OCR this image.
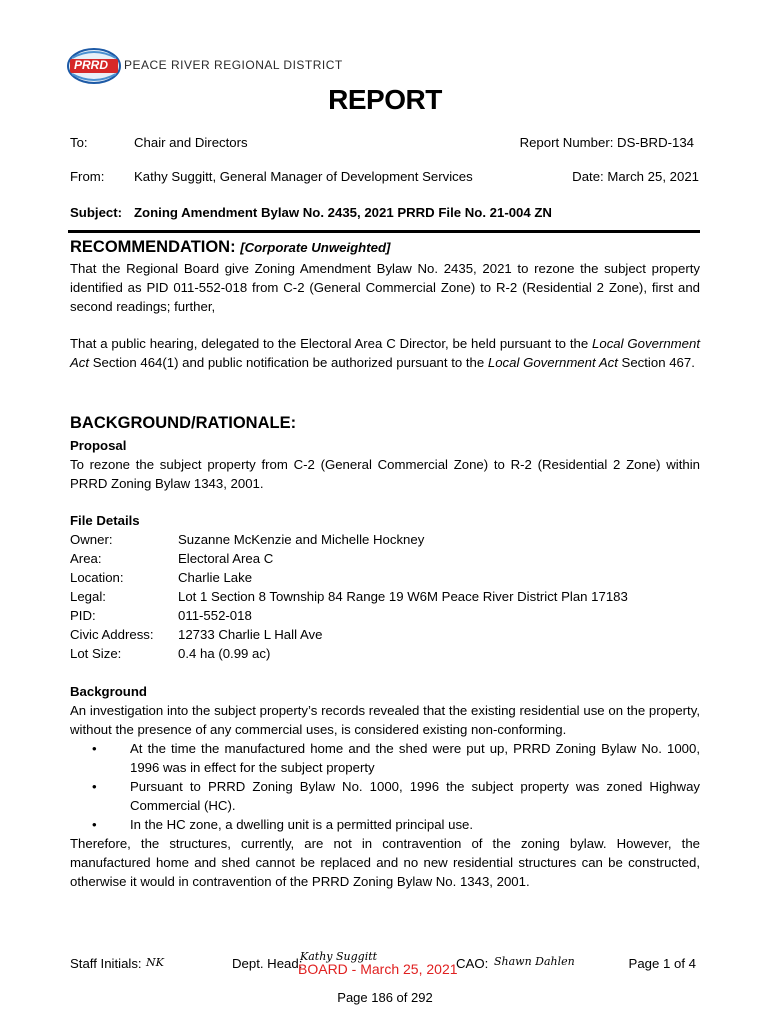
PRRD PEACE RIVER REGIONAL DISTRICT
REPORT
To:	Chair and Directors	Report Number: DS-BRD-134
From: Kathy Suggitt, General Manager of Development Services	Date: March 25, 2021
Subject: Zoning Amendment Bylaw No. 2435, 2021 PRRD File No. 21-004 ZN
RECOMMENDATION: [Corporate Unweighted]
That the Regional Board give Zoning Amendment Bylaw No. 2435, 2021 to rezone the subject property identified as PID 011-552-018 from C-2 (General Commercial Zone) to R-2 (Residential 2 Zone), first and second readings; further,
That a public hearing, delegated to the Electoral Area C Director, be held pursuant to the Local Government Act Section 464(1) and public notification be authorized pursuant to the Local Government Act Section 467.
BACKGROUND/RATIONALE:
Proposal
To rezone the subject property from C-2 (General Commercial Zone) to R-2 (Residential 2 Zone) within PRRD Zoning Bylaw 1343, 2001.
File Details
Owner:	Suzanne McKenzie and Michelle Hockney
Area:	Electoral Area C
Location:	Charlie Lake
Legal:	Lot 1 Section 8 Township 84 Range 19 W6M Peace River District Plan 17183
PID:	011-552-018
Civic Address:	12733 Charlie L Hall Ave
Lot Size:	0.4 ha (0.99 ac)
Background
An investigation into the subject property’s records revealed that the existing residential use on the property, without the presence of any commercial uses, is considered existing non-conforming.
• At the time the manufactured home and the shed were put up, PRRD Zoning Bylaw No. 1000, 1996 was in effect for the subject property
• Pursuant to PRRD Zoning Bylaw No. 1000, 1996 the subject property was zoned Highway Commercial (HC).
• In the HC zone, a dwelling unit is a permitted principal use.
Therefore, the structures, currently, are not in contravention of the zoning bylaw. However, the manufactured home and shed cannot be replaced and no new residential structures can be constructed, otherwise it would in contravention of the PRRD Zoning Bylaw No. 1343, 2001.
Staff Initials: NK	Dept. Head:
Kathy Suggitt	CAO: Shawn Dahlen	Page 1 of 4
BOARD - March 25, 2021
Page 186 of 292
